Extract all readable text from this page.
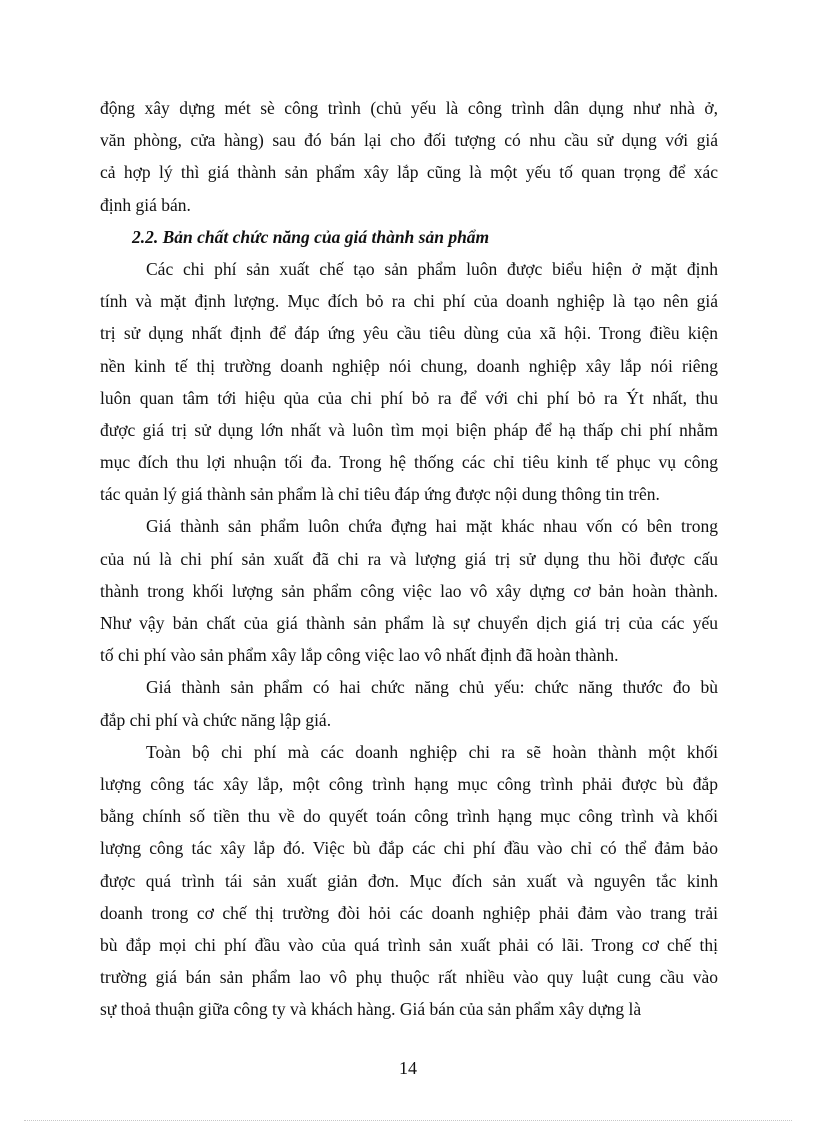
động xây dựng mét sè công trình (chủ yếu là công trình dân dụng như nhà ở,
văn phòng, cửa hàng) sau đó bán lại cho đối tượng có nhu cầu sử dụng với giá
cả hợp lý thì giá thành sản phẩm xây lắp cũng là một yếu tố quan trọng để xác
định giá bán.
2.2. Bản chất chức năng của giá thành sản phẩm
Các chi phí sản xuất chế tạo sản phẩm luôn được biểu hiện ở mặt định
tính và mặt định lượng. Mục đích bỏ ra chi phí của doanh nghiệp là tạo nên giá
trị sử dụng nhất định để đáp ứng yêu cầu tiêu dùng của xã hội. Trong điều kiện
nền kinh tế thị trường doanh nghiệp nói chung, doanh nghiệp xây lắp nói riêng
luôn quan tâm tới hiệu qủa của chi phí bỏ ra để với chi phí bỏ ra Ýt nhất, thu
được giá trị sử dụng lớn nhất và luôn tìm mọi biện pháp để hạ thấp chi phí nhằm
mục đích thu lợi nhuận tối đa. Trong hệ thống các chỉ tiêu kinh tế phục vụ công
tác quản lý giá thành sản phẩm là chỉ tiêu đáp ứng được nội dung thông tin trên.
Giá thành sản phẩm luôn chứa đựng hai mặt khác nhau vốn có bên trong
của nú là chi phí sản xuất đã chi ra và lượng giá trị sử dụng thu hồi được cấu
thành trong khối lượng sản phẩm công việc lao vô xây dựng cơ bản hoàn thành.
Như vậy bản chất của giá thành sản phẩm là sự chuyển dịch giá trị của các yếu
tố chi phí vào sản phẩm xây lắp công việc lao vô nhất định đã hoàn thành.
Giá thành sản phẩm có hai chức năng chủ yếu: chức năng thước đo bù
đắp chi phí và chức năng lập giá.
Toàn bộ chi phí mà các doanh nghiệp chi ra sẽ hoàn thành một khối
lượng công tác xây lắp, một công trình hạng mục công trình phải được bù đắp
bằng chính số tiền thu về do quyết toán công trình hạng mục công trình và khối
lượng công tác xây lắp đó. Việc bù đắp các chi phí đầu vào chỉ có thể đảm bảo
được quá trình tái sản xuất giản đơn. Mục đích sản xuất và nguyên tắc kinh
doanh trong cơ chế thị trường đòi hỏi các doanh nghiệp phải đảm vào trang trải
bù đắp mọi chi phí đầu vào của quá trình sản xuất phải có lãi. Trong cơ chế thị
trường giá bán sản phẩm lao vô phụ thuộc rất nhiều vào quy luật cung cầu vào
sự thoả thuận giữa công ty và khách hàng. Giá bán của sản phẩm xây dựng là
14
